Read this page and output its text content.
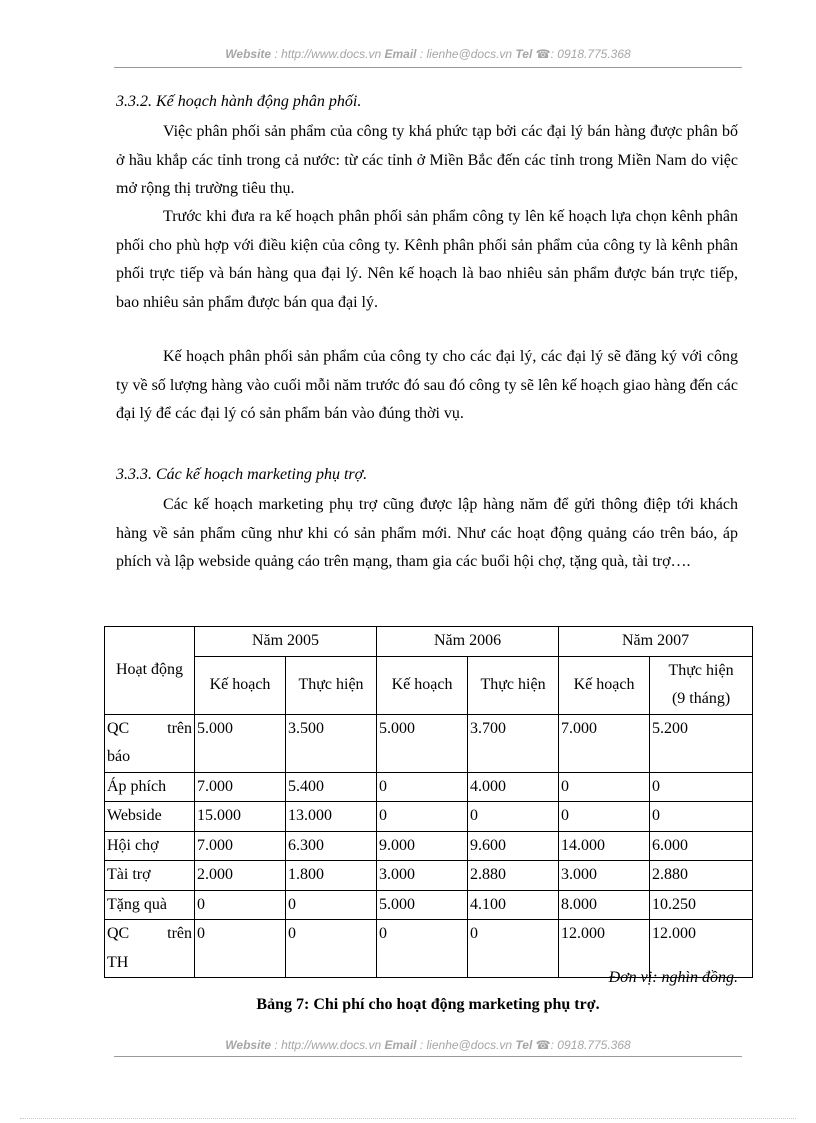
Website : http://www.docs.vn Email : lienhe@docs.vn Tel ☎: 0918.775.368
3.3.2. Kế hoạch hành động phân phối.
Việc phân phối sản phẩm của công ty khá phức tạp bởi các đại lý bán hàng được phân bố ở hầu khắp các tỉnh trong cả nước: từ các tỉnh ở Miền Bắc đến các tỉnh trong Miền Nam do việc mở rộng thị trường tiêu thụ.
Trước khi đưa ra kế hoạch phân phối sản phẩm công ty lên kế hoạch lựa chọn kênh phân phối cho phù hợp với điều kiện của công ty. Kênh phân phối sản phẩm của công ty là kênh phân phối trực tiếp và bán hàng qua đại lý. Nên kế hoạch là bao nhiêu sản phẩm được bán trực tiếp, bao nhiêu sản phẩm được bán qua đại lý.
Kế hoạch phân phối sản phẩm của công ty cho các đại lý, các đại lý sẽ đăng ký với công ty về số lượng hàng vào cuối mỗi năm trước đó sau đó công ty sẽ lên kế hoạch giao hàng đến các đại lý để các đại lý có sản phẩm bán vào đúng thời vụ.
3.3.3. Các kế hoạch marketing phụ trợ.
Các kế hoạch marketing phụ trợ cũng được lập hàng năm để gửi thông điệp tới khách hàng về sản phẩm cũng như khi có sản phẩm mới. Như các hoạt động quảng cáo trên báo, áp phích và lập webside quảng cáo trên mạng, tham gia các buổi hội chợ, tặng quà, tài trợ….
Hoạt động	Năm 2005		Năm 2006		Năm 2007	
	Kế hoạch	Thực hiện	Kế hoạch	Thực hiện	Kế hoạch	Thực hiện
(9 tháng)

QC trên
báo	5.000	3.500	5.000	3.700	7.000	5.200
Áp phích	7.000	5.400	0	4.000	0	0
Webside	15.000	13.000	0	0	0	0
Hội chợ	7.000	6.300	9.000	9.600	14.000	6.000
Tài trợ	2.000	1.800	3.000	2.880	3.000	2.880
Tặng quà	0	0	5.000	4.100	8.000	10.250

QC trên
TH	0	0	0	0	12.000	12.000
Đơn vị: nghìn đồng.
Bảng 7: Chi phí cho hoạt động marketing phụ trợ.
Website : http://www.docs.vn Email : lienhe@docs.vn Tel ☎: 0918.775.368
